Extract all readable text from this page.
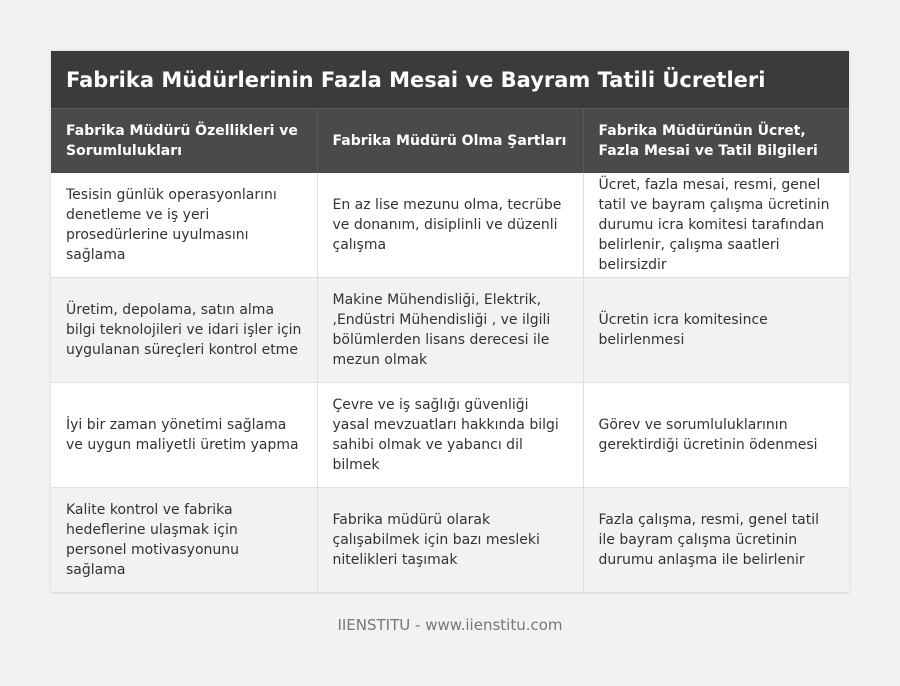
Fabrika Müdürlerinin Fazla Mesai ve Bayram Tatili Ücretleri
Fabrika Müdürü Özellikleri ve Sorumlulukları	Fabrika Müdürü Olma Şartları	Fabrika Müdürünün Ücret, Fazla Mesai ve Tatil Bilgileri
Tesisin günlük operasyonlarını denetleme ve iş yeri prosedürlerine uyulmasını sağlama	En az lise mezunu olma, tecrübe ve donanım, disiplinli ve düzenli çalışma	Ücret, fazla mesai, resmi, genel tatil ve bayram çalışma ücretinin durumu icra komitesi tarafından belirlenir, çalışma saatleri belirsizdir
Üretim, depolama, satın alma bilgi teknolojileri ve idari işler için uygulanan süreçleri kontrol etme	Makine Mühendisliği, Elektrik, ,Endüstri Mühendisliği , ve ilgili bölümlerden lisans derecesi ile mezun olmak	Ücretin icra komitesince belirlenmesi
İyi bir zaman yönetimi sağlama ve uygun maliyetli üretim yapma	Çevre ve iş sağlığı güvenliği yasal mevzuatları hakkında bilgi sahibi olmak ve yabancı dil bilmek	Görev ve sorumluluklarının gerektirdiği ücretinin ödenmesi
Kalite kontrol ve fabrika hedeflerine ulaşmak için personel motivasyonunu sağlama	Fabrika müdürü olarak çalışabilmek için bazı mesleki nitelikleri taşımak	Fazla çalışma, resmi, genel tatil ile bayram çalışma ücretinin durumu anlaşma ile belirlenir
IIENSTITU - www.iienstitu.com
